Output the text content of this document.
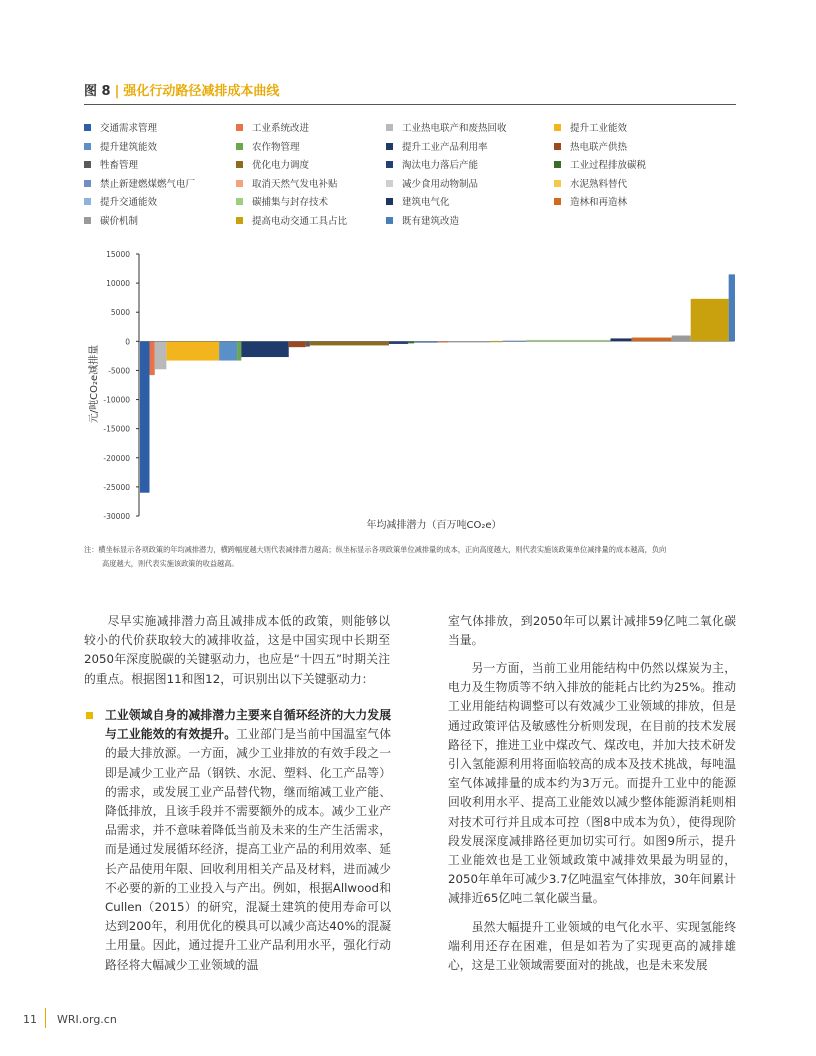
图 8 | 强化行动路径减排成本曲线
交通需求管理	工业系统改进	工业热电联产和废热回收	提升工业能效
提升建筑能效	农作物管理	提升工业产品利用率	热电联产供热
牲畜管理	优化电力调度	淘汰电力落后产能	工业过程排放碳税
禁止新建燃煤燃气电厂	取消天然气发电补贴	减少食用动物制品	水泥熟料替代
提升交通能效	碳捕集与封存技术	建筑电气化	造林和再造林
碳价机制	提高电动交通工具占比	既有建筑改造
15000
10000
5000
0
-5000
-10000
-15000
-20000
-25000
-30000
元/吨CO₂e减排量
年均减排潜力（百万吨CO₂e）
注：横坐标显示各项政策的年均减排潜力，横跨幅度越大则代表减排潜力越高；纵坐标显示各项政策单位减排量的成本，正向高度越大，则代表实施该政策单位减排量的成本越高，负向
高度越大，则代表实施该政策的收益越高。
尽早实施减排潜力高且减排成本低的政策，则能够以较小的代价获取较大的减排收益，这是中国实现中长期至2050年深度脱碳的关键驱动力，也应是“十四五”时期关注的重点。根据图11和图12，可识别出以下关键驱动力：
工业领域自身的减排潜力主要来自循环经济的大力发展与工业能效的有效提升。工业部门是当前中国温室气体的最大排放源。一方面，减少工业排放的有效手段之一即是减少工业产品（钢铁、水泥、塑料、化工产品等）的需求，或发展工业产品替代物，继而缩减工业产能、降低排放，且该手段并不需要额外的成本。减少工业产品需求，并不意味着降低当前及未来的生产生活需求，而是通过发展循环经济，提高工业产品的利用效率、延长产品使用年限、回收利用相关产品及材料，进而减少不必要的新的工业投入与产出。例如，根据Allwood和Cullen（2015）的研究，混凝土建筑的使用寿命可以达到200年，利用优化的模具可以减少高达40%的混凝土用量。因此，通过提升工业产品利用水平，强化行动路径将大幅减少工业领域的温
室气体排放，到2050年可以累计减排59亿吨二氧化碳当量。
另一方面，当前工业用能结构中仍然以煤炭为主，电力及生物质等不纳入排放的能耗占比约为25%。推动工业用能结构调整可以有效减少工业领域的排放，但是通过政策评估及敏感性分析则发现，在目前的技术发展路径下，推进工业中煤改气、煤改电，并加大技术研发引入氢能源利用将面临较高的成本及技术挑战，每吨温室气体减排量的成本约为3万元。而提升工业中的能源回收利用水平、提高工业能效以减少整体能源消耗则相对技术可行并且成本可控（图8中成本为负），使得现阶段发展深度减排路径更加切实可行。如图9所示，提升工业能效也是工业领域政策中减排效果最为明显的，2050年单年可减少3.7亿吨温室气体排放，30年间累计减排近65亿吨二氧化碳当量。
虽然大幅提升工业领域的电气化水平、实现氢能终端利用还存在困难，但是如若为了实现更高的减排雄心，这是工业领域需要面对的挑战，也是未来发展
11 WRI.org.cn
